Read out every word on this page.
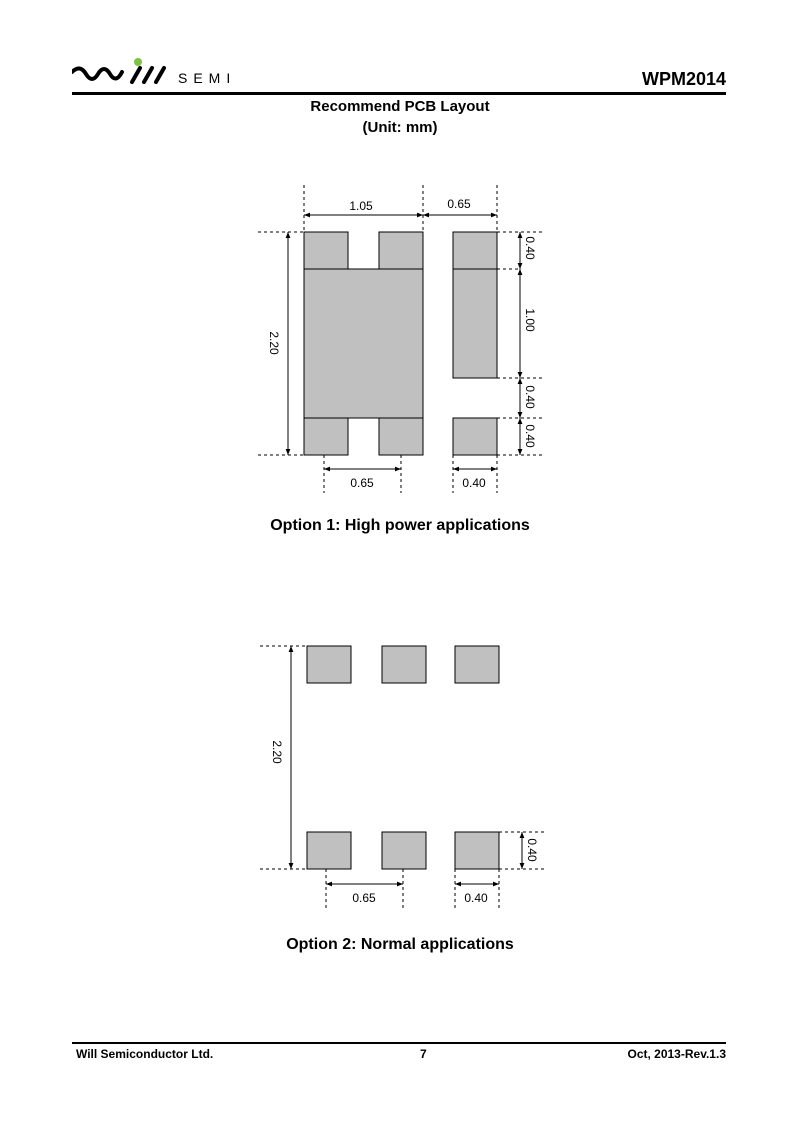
SEMI	WPM2014
Recommend PCB Layout
(Unit: mm)
1.05	0.65
2.20
0.40
1.00
0.40
0.40
0.65	0.40
Option 1: High power applications
2.20
0.40
0.65	0.40
Option 2: Normal applications
Will Semiconductor Ltd.	7	Oct, 2013-Rev.1.3
